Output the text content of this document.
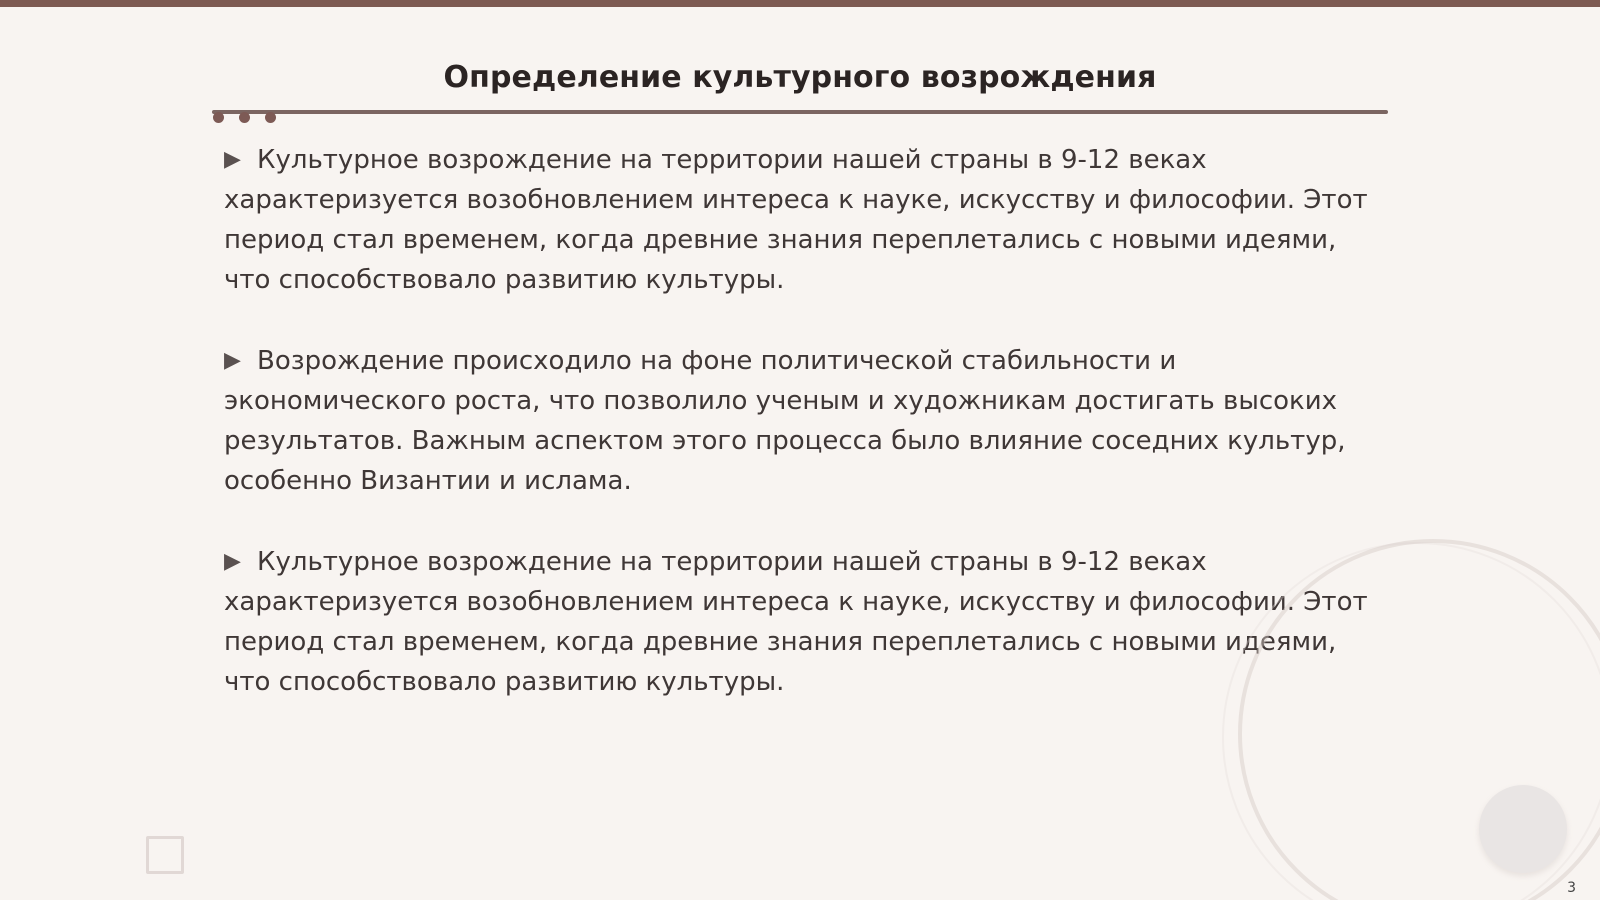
Определение культурного возрождения
▶ Культурное возрождение на территории нашей страны в 9-12 веках характеризуется возобновлением интереса к науке, искусству и философии. Этот период стал временем, когда древние знания переплетались с новыми идеями, что способствовало развитию культуры.
▶ Возрождение происходило на фоне политической стабильности и экономического роста, что позволило ученым и художникам достигать высоких результатов. Важным аспектом этого процесса было влияние соседних культур, особенно Византии и ислама.
▶ Культурное возрождение на территории нашей страны в 9-12 веках характеризуется возобновлением интереса к науке, искусству и философии. Этот период стал временем, когда древние знания переплетались с новыми идеями, что способствовало развитию культуры.
3
